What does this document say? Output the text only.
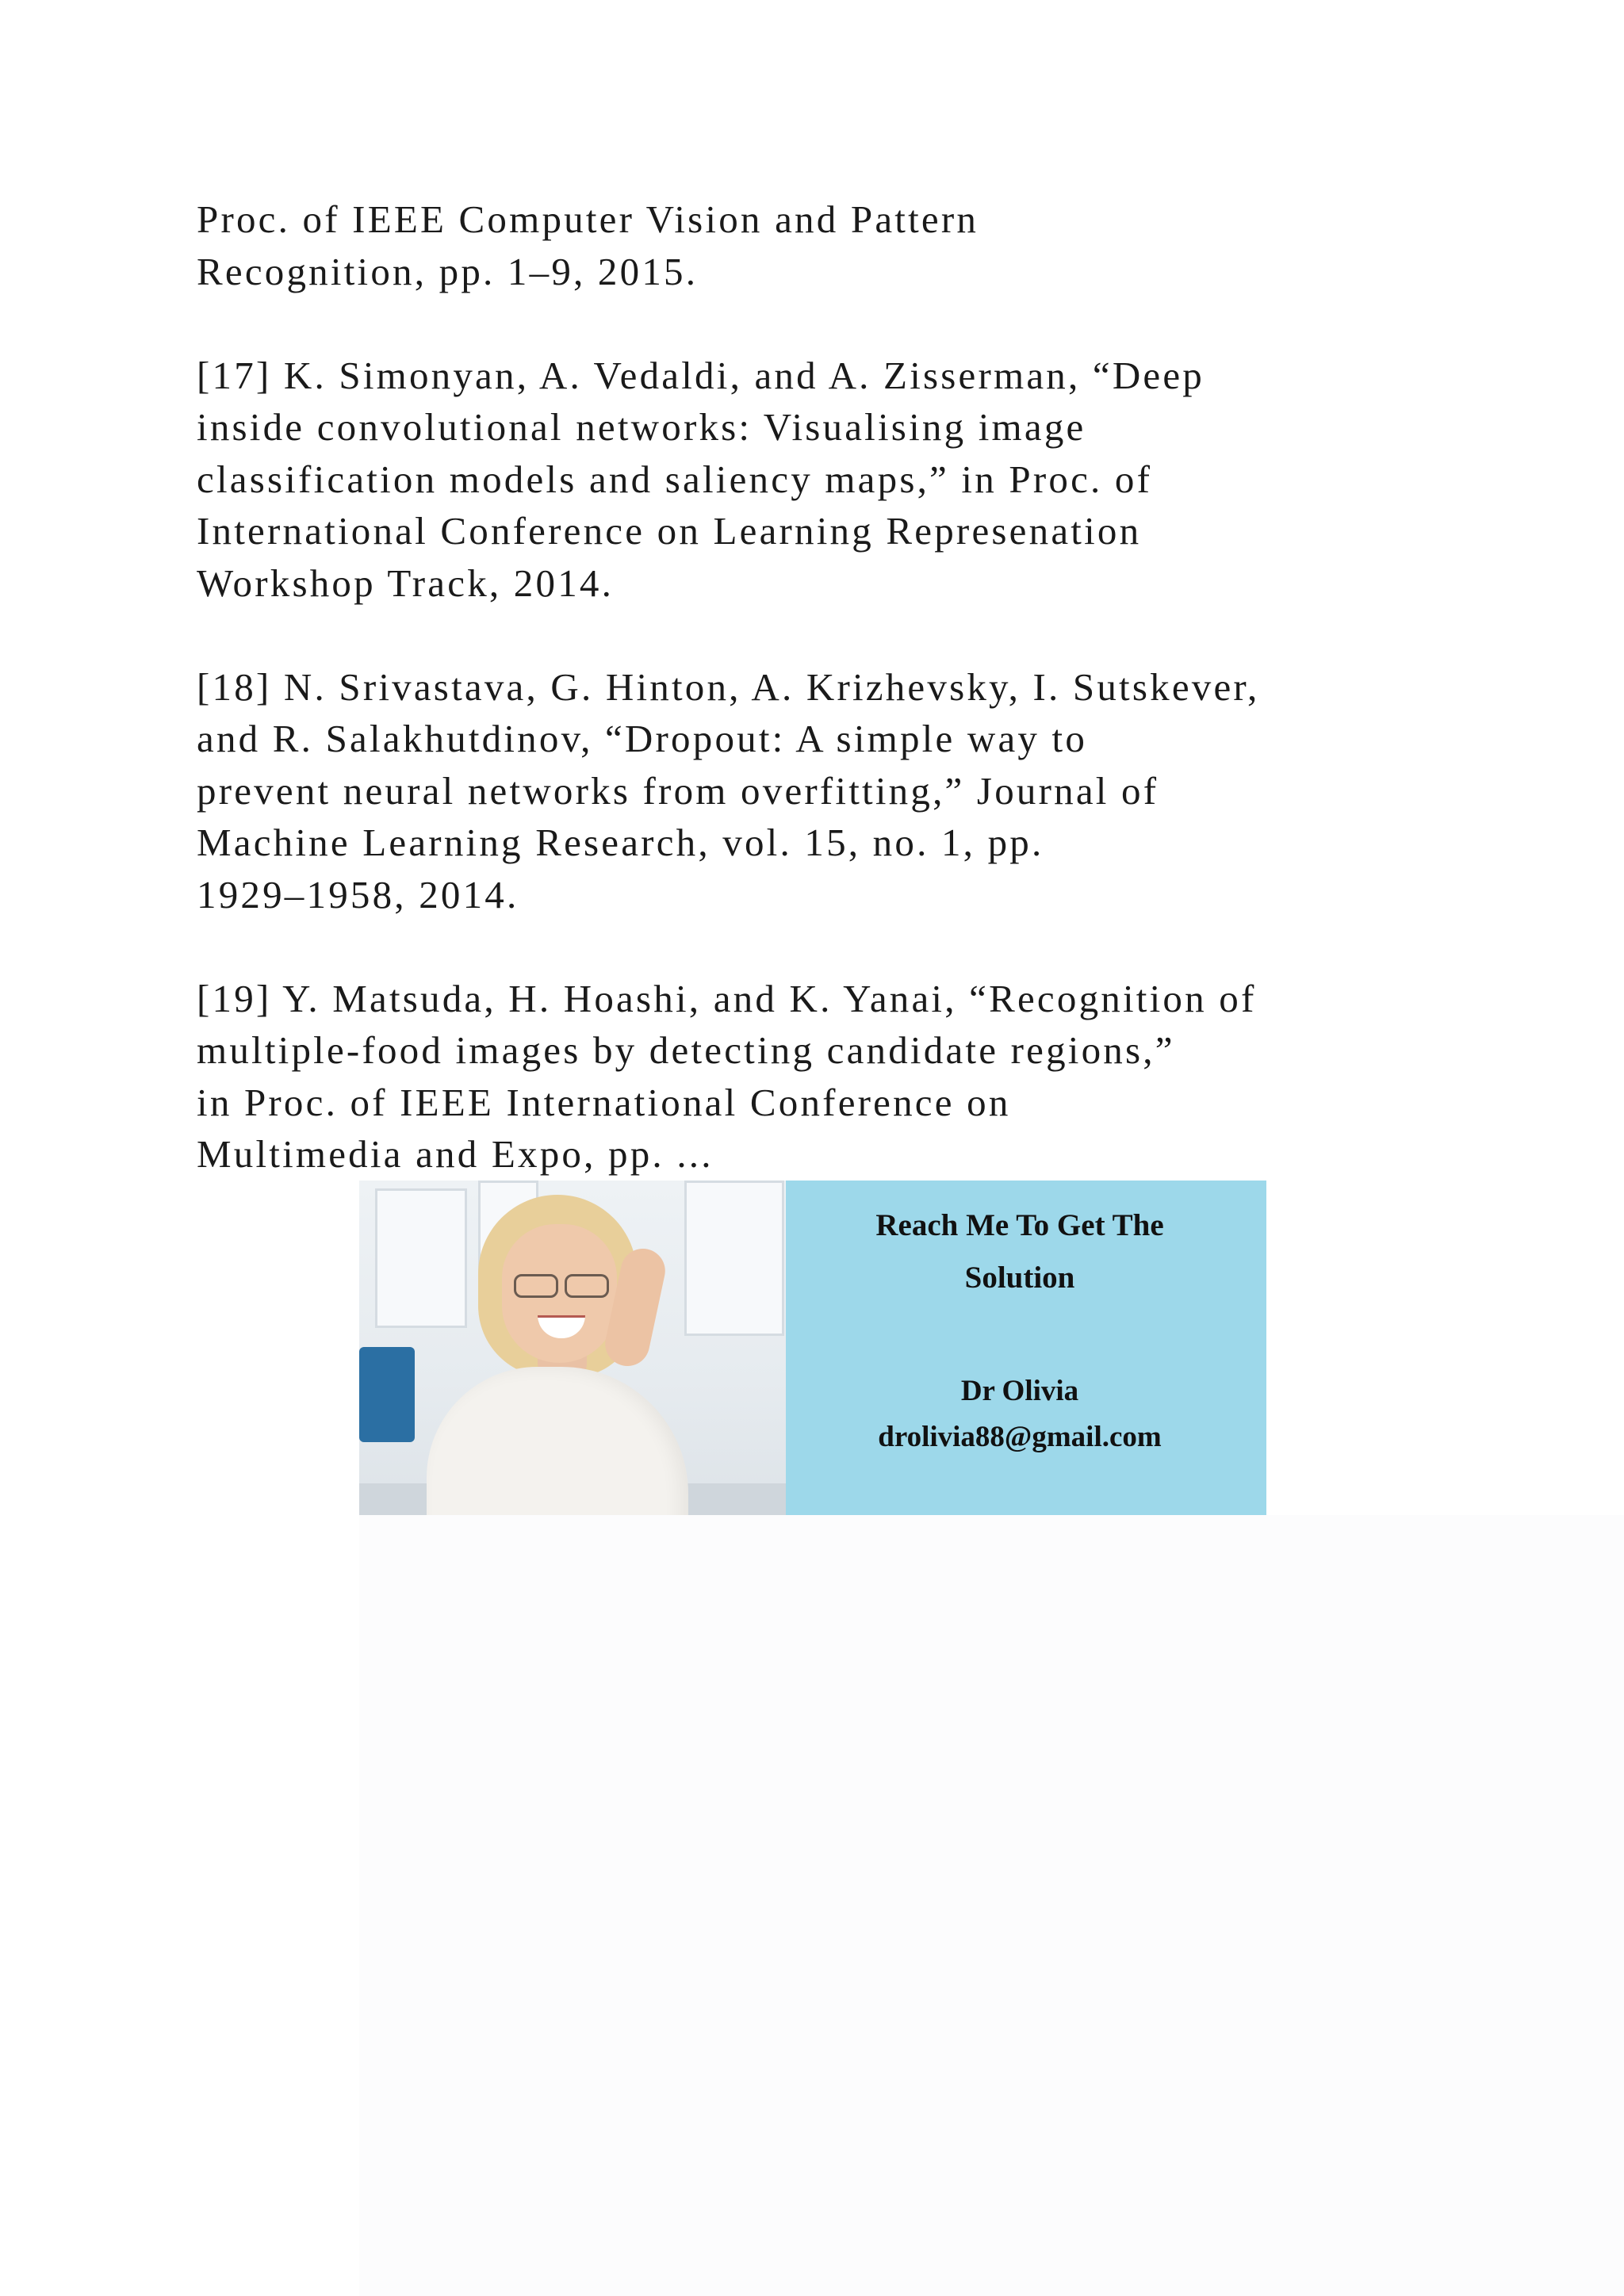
Proc. of IEEE Computer Vision and Pattern
Recognition, pp. 1–9, 2015.
[17] K. Simonyan, A. Vedaldi, and A. Zisserman, “Deep
inside convolutional networks: Visualising image
classification models and saliency maps,” in Proc. of
International Conference on Learning Represenation
Workshop Track, 2014.
[18] N. Srivastava, G. Hinton, A. Krizhevsky, I. Sutskever,
and R. Salakhutdinov, “Dropout: A simple way to
prevent neural networks from overfitting,” Journal of
Machine Learning Research, vol. 15, no. 1, pp.
1929–1958, 2014.
[19] Y. Matsuda, H. Hoashi, and K. Yanai, “Recognition of
multiple-food images by detecting candidate regions,”
in Proc. of IEEE International Conference on
Multimedia and Expo, pp. ...
Reach Me To Get The
Solution
Dr Olivia
drolivia88@gmail.com
